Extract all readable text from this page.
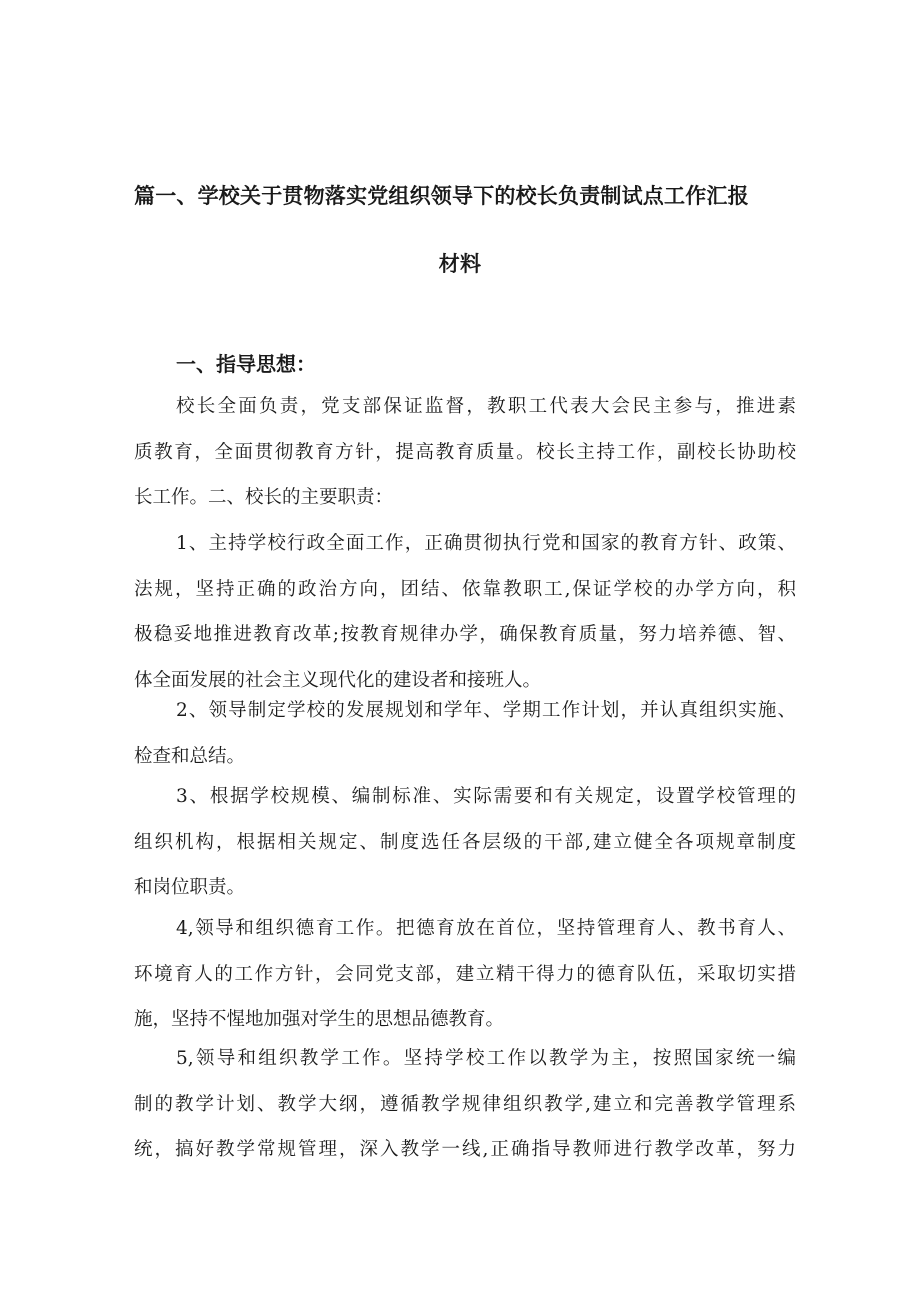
篇一、学校关于贯物落实党组织领导下的校长负责制试点工作汇报
材料
一、指导思想：

校长全面负责，党支部保证监督，教职工代表大会民主参与，推进素
质教育，全面贯彻教育方针，提高教育质量。校长主持工作，副校长协助校
长工作。二、校长的主要职责：

1、主持学校行政全面工作，正确贯彻执行党和国家的教育方针、政策、
法规，坚持正确的政治方向，团结、依靠教职工,保证学校的办学方向，积
极稳妥地推进教育改革;按教育规律办学，确保教育质量，努力培养德、智、
体全面发展的社会主义现代化的建设者和接班人。

2、领导制定学校的发展规划和学年、学期工作计划，并认真组织实施、
检查和总结。

3、根据学校规模、编制标准、实际需要和有关规定，设置学校管理的
组织机构，根据相关规定、制度选任各层级的干部,建立健全各项规章制度
和岗位职责。

4,领导和组织德育工作。把德育放在首位，坚持管理育人、教书育人、
环境育人的工作方针，会同党支部，建立精干得力的德育队伍，采取切实措
施，坚持不惺地加强对学生的思想品德教育。

5,领导和组织教学工作。坚持学校工作以教学为主，按照国家统一编
制的教学计划、教学大纲，遵循教学规律组织教学,建立和完善教学管理系
统，搞好教学常规管理，深入教学一线,正确指导教师进行教学改革，努力
